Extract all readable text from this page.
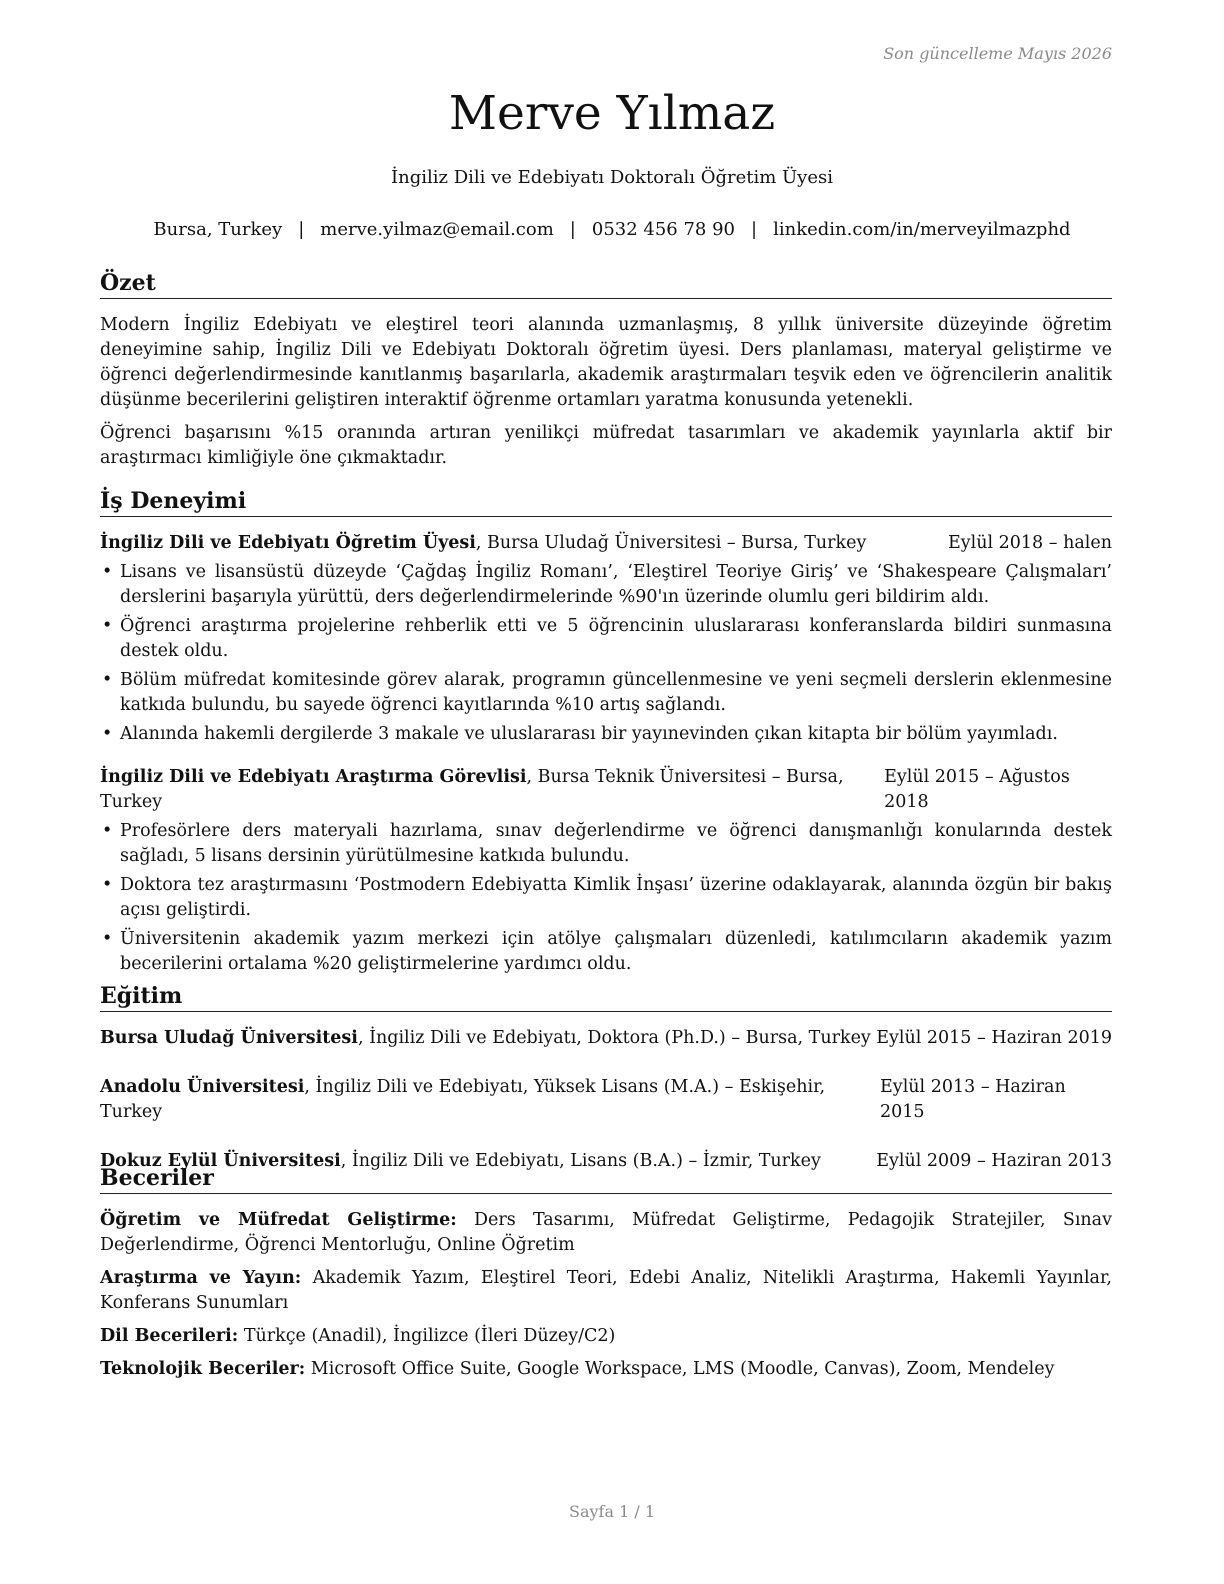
Son güncelleme Mayıs 2026
Merve Yılmaz
İngiliz Dili ve Edebiyatı Doktoralı Öğretim Üyesi
Bursa, Turkey | merve.yilmaz@email.com | 0532 456 78 90 | linkedin.com/in/merveyilmazphd
Özet

Modern İngiliz Edebiyatı ve eleştirel teori alanında uzmanlaşmış, 8 yıllık üniversite düzeyinde öğretim deneyimine sahip, İngiliz Dili ve Edebiyatı Doktoralı öğretim üyesi. Ders planlaması, materyal geliştirme ve öğrenci değerlendirmesinde kanıtlanmış başarılarla, akademik araştırmaları teşvik eden ve öğrencilerin analitik düşünme becerilerini geliştiren interaktif öğrenme ortamları yaratma konusunda yetenekli.

Öğrenci başarısını %15 oranında artıran yenilikçi müfredat tasarımları ve akademik yayınlarla aktif bir araştırmacı kimliğiyle öne çıkmaktadır.

İş Deneyimi
İngiliz Dili ve Edebiyatı Öğretim Üyesi, Bursa Uludağ Üniversitesi – Bursa, Turkey	Eylül 2018 – halen
• Lisans ve lisansüstü düzeyde ‘Çağdaş İngiliz Romanı’, ‘Eleştirel Teoriye Giriş’ ve ‘Shakespeare Çalışmaları’ derslerini başarıyla yürüttü, ders değerlendirmelerinde %90'ın üzerinde olumlu geri bildirim aldı.
• Öğrenci araştırma projelerine rehberlik etti ve 5 öğrencinin uluslararası konferanslarda bildiri sunmasına destek oldu.
• Bölüm müfredat komitesinde görev alarak, programın güncellenmesine ve yeni seçmeli derslerin eklenmesine katkıda bulundu, bu sayede öğrenci kayıtlarında %10 artış sağlandı.
• Alanında hakemli dergilerde 3 makale ve uluslararası bir yayınevinden çıkan kitapta bir bölüm yayımladı.
İngiliz Dili ve Edebiyatı Araştırma Görevlisi, Bursa Teknik Üniversitesi – Bursa, Turkey
Eylül 2015 – Ağustos 2018
• Profesörlere ders materyali hazırlama, sınav değerlendirme ve öğrenci danışmanlığı konularında destek sağladı, 5 lisans dersinin yürütülmesine katkıda bulundu.
• Doktora tez araştırmasını ‘Postmodern Edebiyatta Kimlik İnşası’ üzerine odaklayarak, alanında özgün bir bakış açısı geliştirdi.
• Üniversitenin akademik yazım merkezi için atölye çalışmaları düzenledi, katılımcıların akademik yazım becerilerini ortalama %20 geliştirmelerine yardımcı oldu.
Eğitim
Bursa Uludağ Üniversitesi, İngiliz Dili ve Edebiyatı, Doktora (Ph.D.) – Bursa, Turkey Eylül 2015 – Haziran 2019
Anadolu Üniversitesi, İngiliz Dili ve Edebiyatı, Yüksek Lisans (M.A.) – Eskişehir, Turkey
Eylül 2013 – Haziran 2015
Dokuz Eylül Üniversitesi, İngiliz Dili ve Edebiyatı, Lisans (B.A.) – İzmir, Turkey	Eylül 2009 – Haziran 2013
Beceriler

Öğretim ve Müfredat Geliştirme: Ders Tasarımı, Müfredat Geliştirme, Pedagojik Stratejiler, Sınav Değerlendirme, Öğrenci Mentorluğu, Online Öğretim

Araştırma ve Yayın: Akademik Yazım, Eleştirel Teori, Edebi Analiz, Nitelikli Araştırma, Hakemli Yayınlar, Konferans Sunumları

Dil Becerileri: Türkçe (Anadil), İngilizce (İleri Düzey/C2)

Teknolojik Beceriler: Microsoft Office Suite, Google Workspace, LMS (Moodle, Canvas), Zoom, Mendeley

Sayfa 1 / 1
